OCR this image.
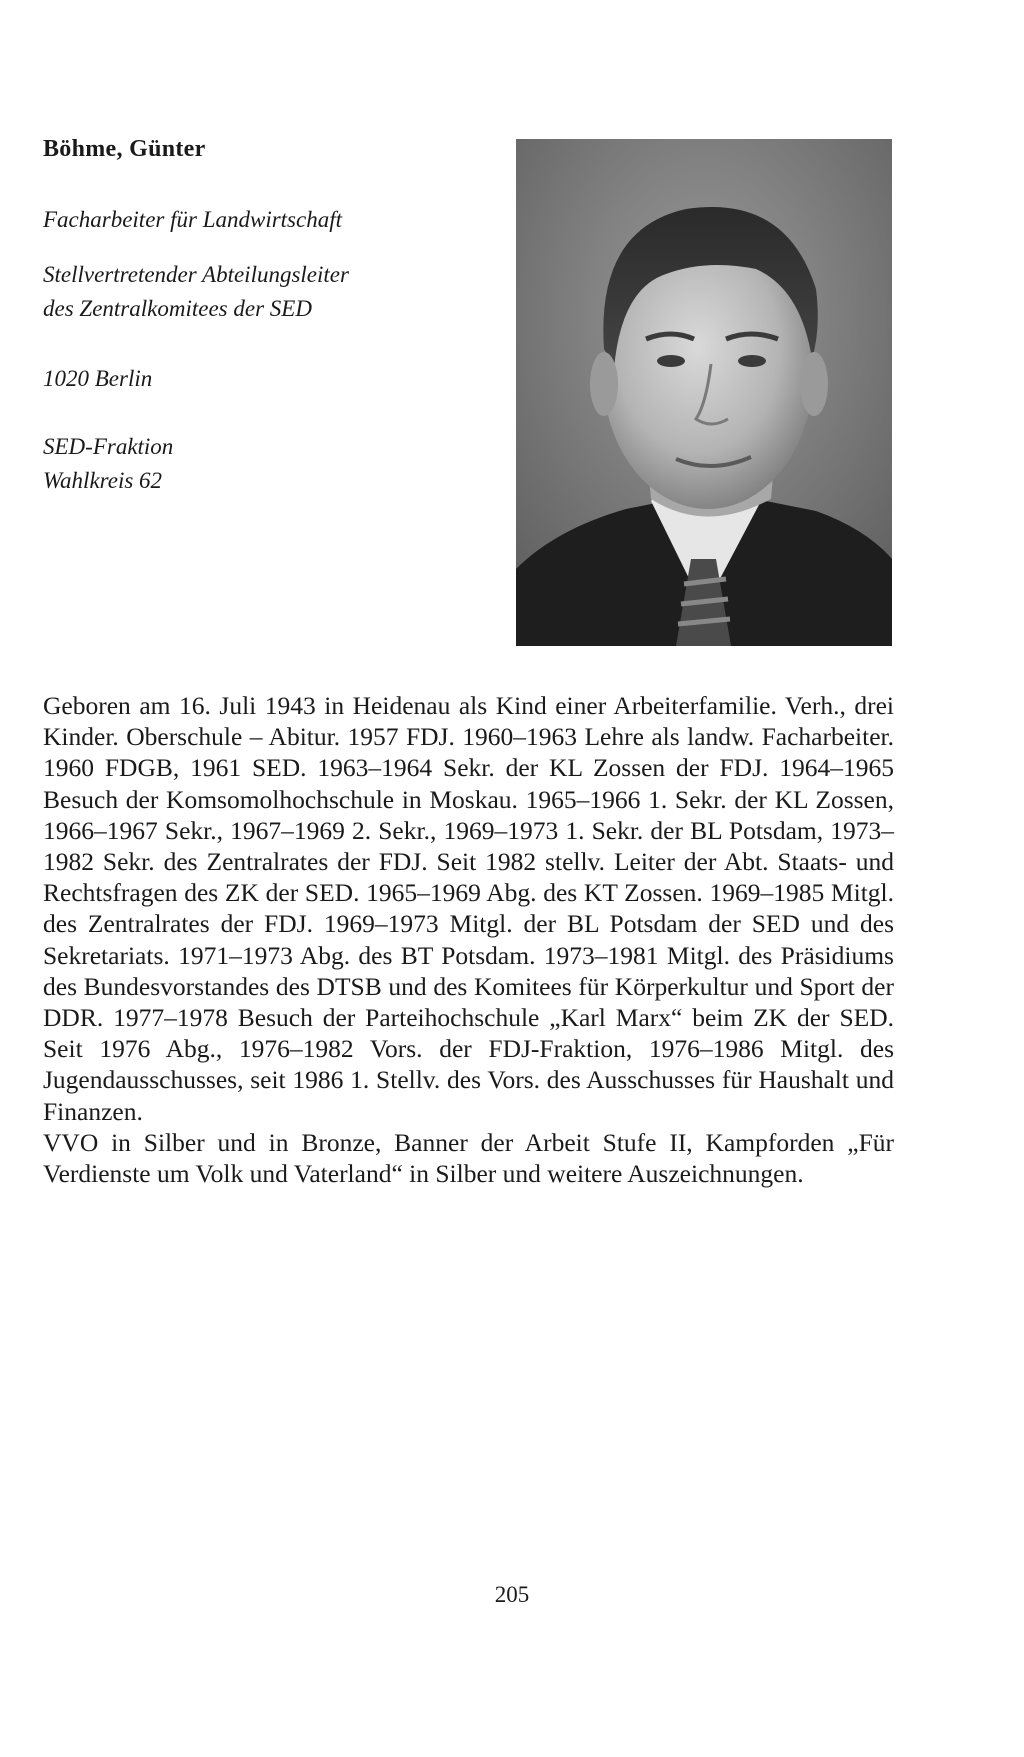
Böhme, Günter
Facharbeiter für Landwirtschaft
Stellvertretender Abteilungsleiter
des Zentralkomitees der SED
1020 Berlin
SED-Fraktion
Wahlkreis 62

Geboren am 16. Juli 1943 in Heidenau als Kind einer Arbeiterfamilie. Verh., drei Kinder. Oberschule – Abitur. 1957 FDJ. 1960–1963 Lehre als landw. Facharbeiter. 1960 FDGB, 1961 SED. 1963–1964 Sekr. der KL Zossen der FDJ. 1964–1965 Besuch der Komsomolhochschule in Moskau. 1965–1966 1. Sekr. der KL Zossen, 1966–1967 Sekr., 1967–1969 2. Sekr., 1969–1973 1. Sekr. der BL Potsdam, 1973–1982 Sekr. des Zentralrates der FDJ. Seit 1982 stellv. Leiter der Abt. Staats- und Rechtsfragen des ZK der SED. 1965–1969 Abg. des KT Zossen. 1969–1985 Mitgl. des Zentralrates der FDJ. 1969–1973 Mitgl. der BL Potsdam der SED und des Sekretariats. 1971–1973 Abg. des BT Potsdam. 1973–1981 Mitgl. des Präsidiums des Bundesvorstandes des DTSB und des Komitees für Körperkultur und Sport der DDR. 1977–1978 Besuch der Parteihochschule „Karl Marx“ beim ZK der SED. Seit 1976 Abg., 1976–1982 Vors. der FDJ-Fraktion, 1976–1986 Mitgl. des Jugendausschusses, seit 1986 1. Stellv. des Vors. des Ausschusses für Haushalt und Finanzen.

VVO in Silber und in Bronze, Banner der Arbeit Stufe II, Kampforden „Für Verdienste um Volk und Vaterland“ in Silber und weitere Auszeichnungen.

205
